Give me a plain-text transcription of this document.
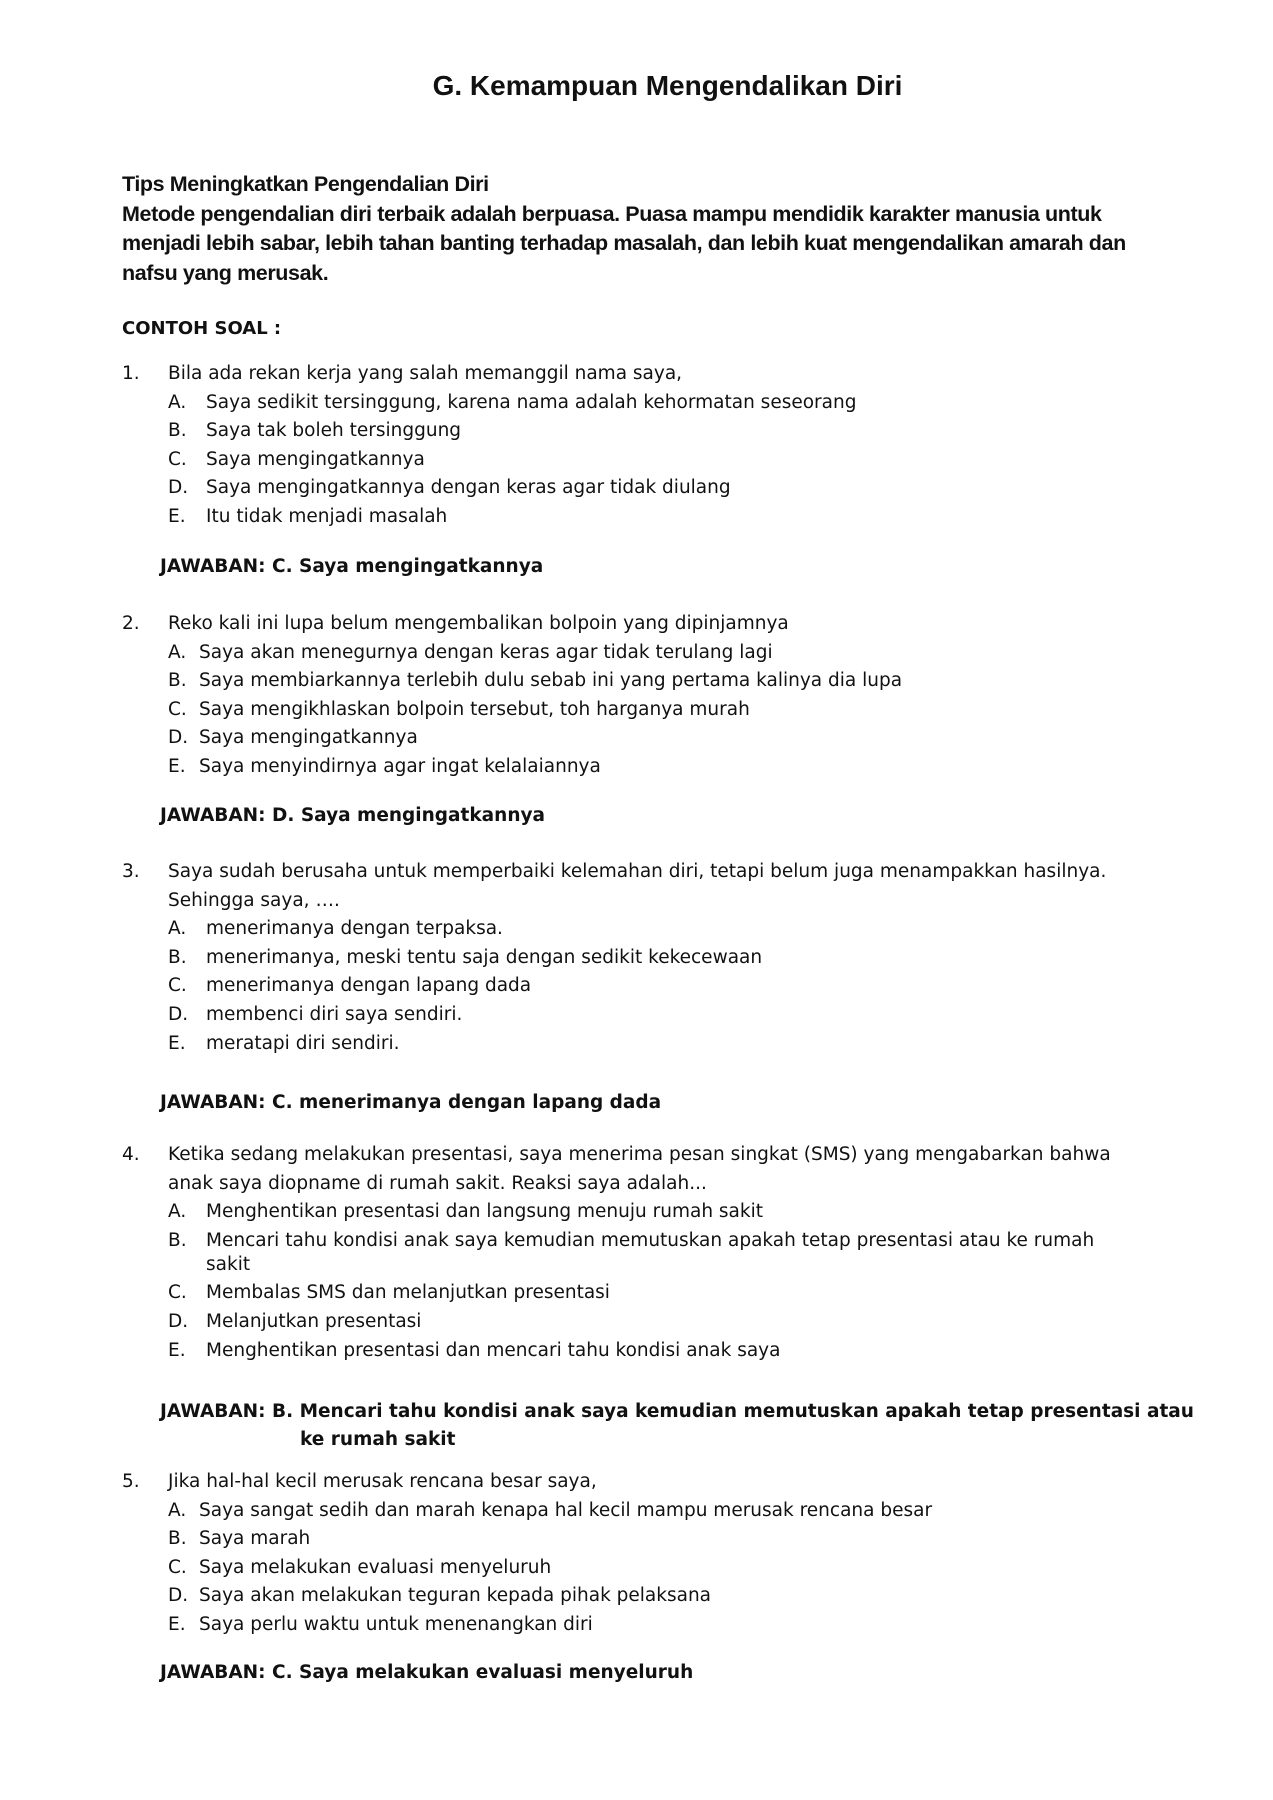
G. Kemampuan Mengendalikan Diri
Tips Meningkatkan Pengendalian Diri
Metode pengendalian diri terbaik adalah berpuasa. Puasa mampu mendidik karakter manusia untuk
menjadi lebih sabar, lebih tahan banting terhadap masalah, dan lebih kuat mengendalikan amarah dan
nafsu yang merusak.
CONTOH SOAL :
1. Bila ada rekan kerja yang salah memanggil nama saya,
A. Saya sedikit tersinggung, karena nama adalah kehormatan seseorang
B. Saya tak boleh tersinggung
C. Saya mengingatkannya
D. Saya mengingatkannya dengan keras agar tidak diulang
E. Itu tidak menjadi masalah
JAWABAN: C. Saya mengingatkannya
2. Reko kali ini lupa belum mengembalikan bolpoin yang dipinjamnya
A. Saya akan menegurnya dengan keras agar tidak terulang lagi
B. Saya membiarkannya terlebih dulu sebab ini yang pertama kalinya dia lupa
C. Saya mengikhlaskan bolpoin tersebut, toh harganya murah
D. Saya mengingatkannya
E. Saya menyindirnya agar ingat kelalaiannya
JAWABAN: D. Saya mengingatkannya
3. Saya sudah berusaha untuk memperbaiki kelemahan diri, tetapi belum juga menampakkan hasilnya.
Sehingga saya, ….
A. menerimanya dengan terpaksa.
B. menerimanya, meski tentu saja dengan sedikit kekecewaan
C. menerimanya dengan lapang dada
D. membenci diri saya sendiri.
E. meratapi diri sendiri.
JAWABAN: C. menerimanya dengan lapang dada
4. Ketika sedang melakukan presentasi, saya menerima pesan singkat (SMS) yang mengabarkan bahwa
anak saya diopname di rumah sakit. Reaksi saya adalah...
A. Menghentikan presentasi dan langsung menuju rumah sakit
B. Mencari tahu kondisi anak saya kemudian memutuskan apakah tetap presentasi atau ke rumah
sakit
C. Membalas SMS dan melanjutkan presentasi
D. Melanjutkan presentasi
E. Menghentikan presentasi dan mencari tahu kondisi anak saya
JAWABAN: B. Mencari tahu kondisi anak saya kemudian memutuskan apakah tetap presentasi atau
ke rumah sakit
5. Jika hal-hal kecil merusak rencana besar saya,
A. Saya sangat sedih dan marah kenapa hal kecil mampu merusak rencana besar
B. Saya marah
C. Saya melakukan evaluasi menyeluruh
D. Saya akan melakukan teguran kepada pihak pelaksana
E. Saya perlu waktu untuk menenangkan diri
JAWABAN: C. Saya melakukan evaluasi menyeluruh
